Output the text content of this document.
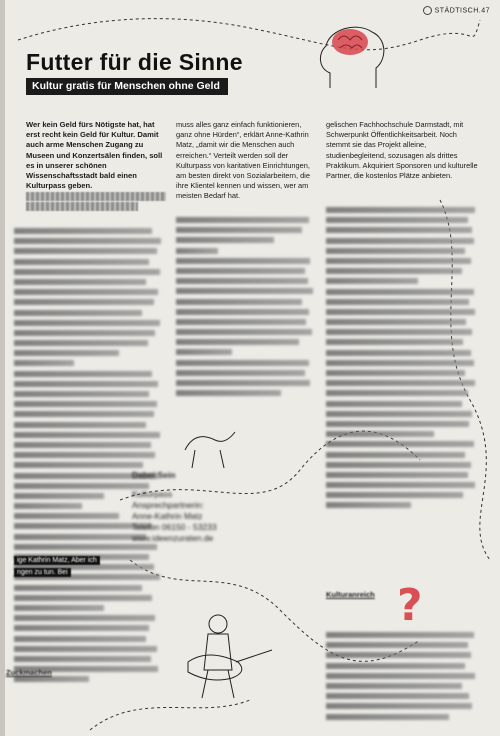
STÄDTISCH.47
Futter für die Sinne
Kultur gratis für Menschen ohne Geld
Wer kein Geld fürs Nötigste hat, hat erst recht kein Geld für Kultur. Damit auch arme Menschen Zugang zu Museen und Konzertsälen finden, soll es in unserer schönen Wissenschaftsstadt bald einen Kulturpass geben.

muss alles ganz einfach funktionieren, ganz ohne Hürden“, erklärt Anne-Kathrin Matz, „damit wir die Menschen auch erreichen.“ Verteilt werden soll der Kulturpass von karitativen Einrichtungen, am besten direkt von Sozialarbeitern, die ihre Klientel kennen und wissen, wer am meisten Bedarf hat.

gelischen Fachhochschule Darmstadt, mit Schwerpunkt Öffentlichkeitsarbeit. Noch stemmt sie das Projekt alleine, studienbegleitend, sozusagen als drittes Praktikum. Akquiriert Sponsoren und kulturelle Partner, die kostenlos Plätze anbieten.

Kulturanreich
Zuckmachen
ige Kathrin Matz, Aber ich
ngen zu tun. Bei
Dabei Sein
Kulturpass
Ansprechpartnerin:
Anne-Kathrin Matz
Telefon 06150 - 53233
www.ideenzuraten.de
?
